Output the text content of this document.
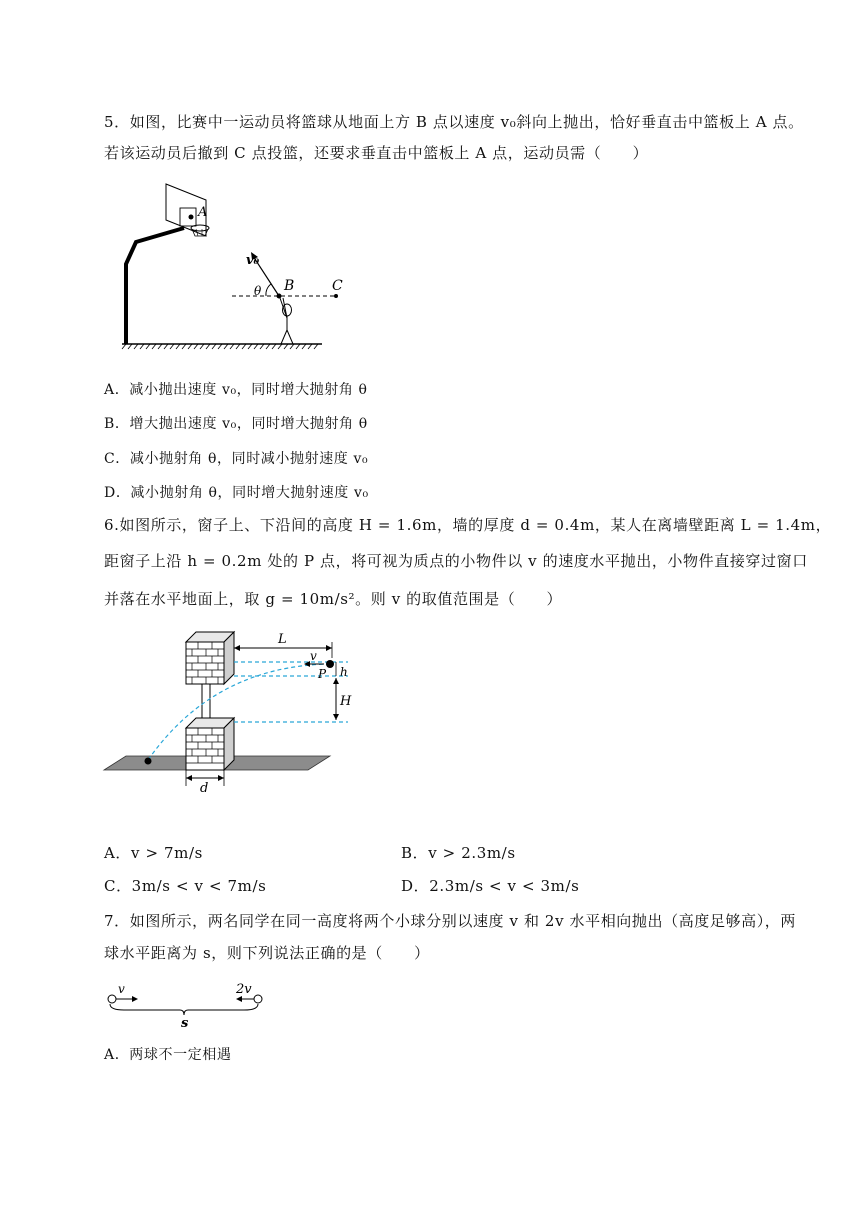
5．如图，比赛中一运动员将篮球从地面上方 B 点以速度 v₀斜向上抛出，恰好垂直击中篮板上 A 点。
若该运动员后撤到 C 点投篮，还要求垂直击中篮板上 A 点，运动员需（　　）
A
B	C
v₀
θ
A．减小抛出速度 v₀，同时增大抛射角 θ
B．增大抛出速度 v₀，同时增大抛射角 θ
C．减小抛射角 θ，同时减小抛射速度 v₀
D．减小抛射角 θ，同时增大抛射速度 v₀
6.如图所示，窗子上、下沿间的高度 H = 1.6m，墙的厚度 d = 0.4m，某人在离墙壁距离 L = 1.4m，
距窗子上沿 h = 0.2m 处的 P 点，将可视为质点的小物件以 v 的速度水平抛出，小物件直接穿过窗口
并落在水平地面上，取 g = 10m/s²。则 v 的取值范围是（　　）
L
v
P h
H
d
A．v > 7m/s	B．v > 2.3m/s
C．3m/s < v < 7m/s	D．2.3m/s < v < 3m/s
7．如图所示，两名同学在同一高度将两个小球分别以速度 v 和 2v 水平相向抛出（高度足够高），两
球水平距离为 s，则下列说法正确的是（　　）
v	2v
s
A．两球不一定相遇
